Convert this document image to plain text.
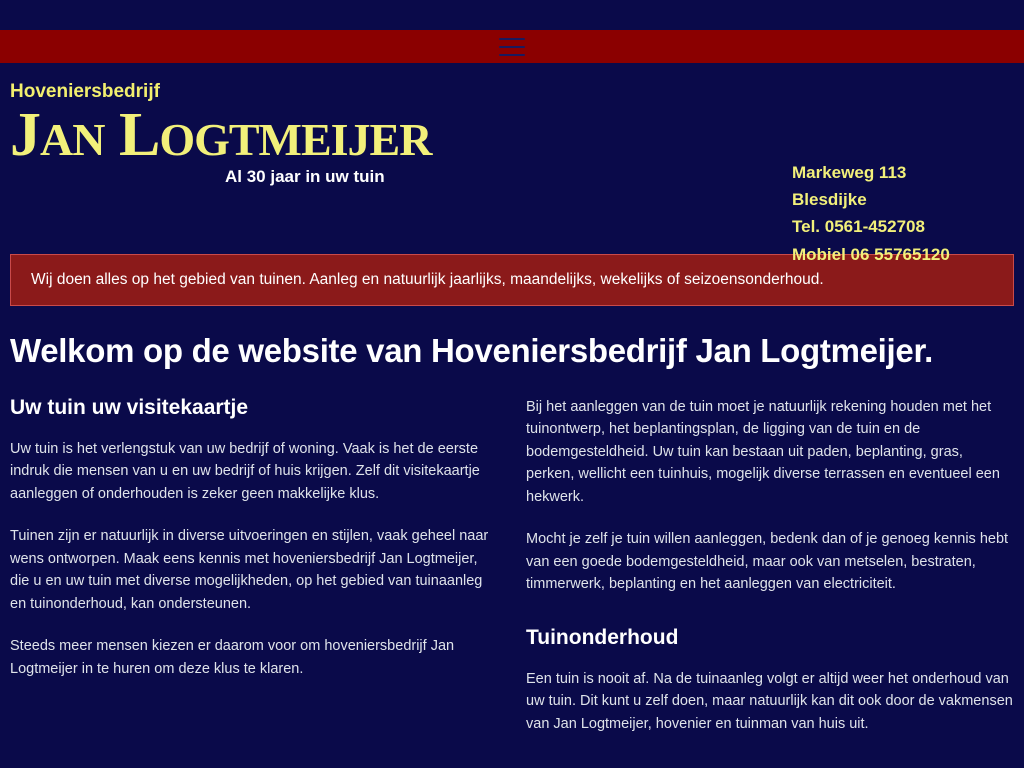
Hoveniersbedrijf
JAN LOGTMEIJER
Al 30 jaar in uw tuin	Markeweg 113
Blesdijke
Tel. 0561-452708
Mobiel 06 55765120
Wij doen alles op het gebied van tuinen. Aanleg en natuurlijk jaarlijks, maandelijks, wekelijks of seizoensonderhoud.
Welkom op de website van Hoveniersbedrijf Jan Logtmeijer.
Uw tuin uw visitekaartje

Uw tuin is het verlengstuk van uw bedrijf of woning. Vaak is het de eerste indruk die mensen van u en uw bedrijf of huis krijgen. Zelf dit visitekaartje aanleggen of onderhouden is zeker geen makkelijke klus.

Tuinen zijn er natuurlijk in diverse uitvoeringen en stijlen, vaak geheel naar wens ontworpen. Maak eens kennis met hoveniersbedrijf Jan Logtmeijer, die u en uw tuin met diverse mogelijkheden, op het gebied van tuinaanleg en tuinonderhoud, kan ondersteunen.

Steeds meer mensen kiezen er daarom voor om hoveniersbedrijf Jan Logtmeijer in te huren om deze klus te klaren.

Bij het aanleggen van de tuin moet je natuurlijk rekening houden met het tuinontwerp, het beplantingsplan, de ligging van de tuin en de bodemgesteldheid. Uw tuin kan bestaan uit paden, beplanting, gras, perken, wellicht een tuinhuis, mogelijk diverse terrassen en eventueel een hekwerk.

Mocht je zelf je tuin willen aanleggen, bedenk dan of je genoeg kennis hebt van een goede bodemgesteldheid, maar ook van metselen, bestraten, timmerwerk, beplanting en het aanleggen van electriciteit.

Tuinonderhoud

Een tuin is nooit af. Na de tuinaanleg volgt er altijd weer het onderhoud van uw tuin. Dit kunt u zelf doen, maar natuurlijk kan dit ook door de vakmensen van Jan Logtmeijer, hovenier en tuinman van huis uit.
